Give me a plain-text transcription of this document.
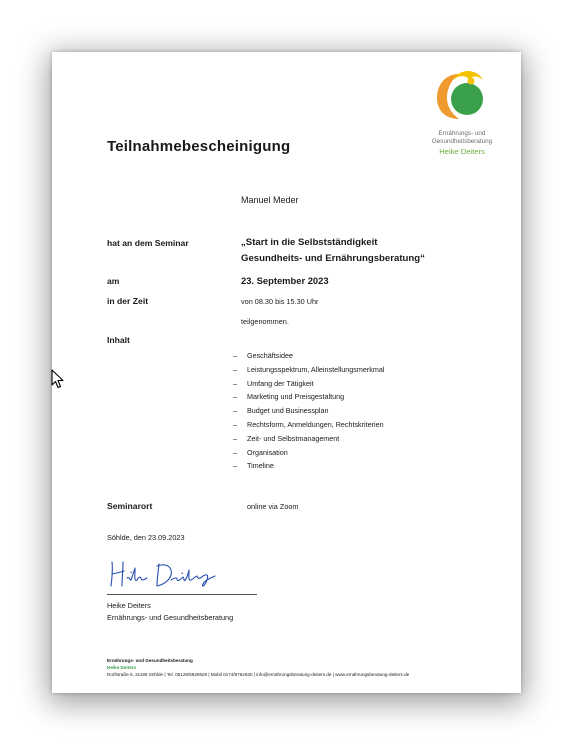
Ernährungs- und
Gesundheitsberatung
Heike Deiters
Teilnahmebescheinigung
Manuel Meder
hat an dem Seminar	„Start in die Selbstständigkeit
Gesundheits- und Ernährungsberatung“
am	23. September 2023
in der Zeit	von 08.30 bis 15.30 Uhr
teilgenommen.
Inhalt
– Geschäftsidee
– Leistungsspektrum, Alleinstellungsmerkmal
– Umfang der Tätigkeit
– Marketing und Preisgestaltung
– Budget und Businessplan
– Rechtsform, Anmeldungen, Rechtskriterien
– Zeit- und Selbstmanagement
– Organisation
– Timeline
Seminarort	online via Zoom
Söhlde, den 23.09.2023
Heike Deiters
Ernährungs- und Gesundheitsberatung
Ernährungs- und Gesundheitsberatung
Heike Deiters
Dorfstraße 6, 31185 Söhlde | Tel. 05129/6829628 | Mobil 0174/6762630 | info@ernährungsberatung-deiters.de | www.ernährungsberatung-deiters.de
